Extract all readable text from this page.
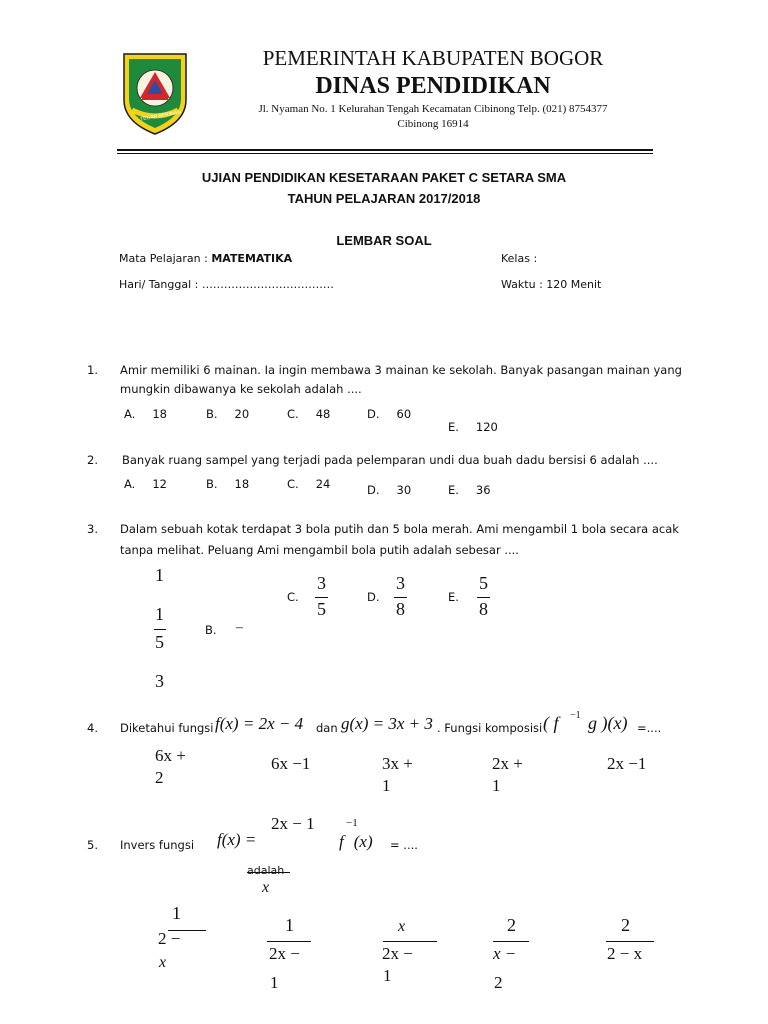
TEGAR BERIMAN
PEMERINTAH KABUPATEN BOGOR
DINAS PENDIDIKAN
Jl. Nyaman No. 1 Kelurahan Tengah Kecamatan Cibinong Telp. (021) 8754377
Cibinong 16914
UJIAN PENDIDIKAN KESETARAAN PAKET C SETARA SMA
TAHUN PELAJARAN 2017/2018
LEMBAR SOAL
Mata Pelajaran : MATEMATIKA	Kelas :
Hari/ Tanggal : ………………………………	Waktu : 120 Menit
1. Amir memiliki 6 mainan. Ia ingin membawa 3 mainan ke sekolah. Banyak pasangan mainan yang
mungkin dibawanya ke sekolah adalah ....
A. 18	B. 20	C. 48	D. 60
E. 120
2. Banyak ruang sampel yang terjadi pada pelemparan undi dua buah dadu bersisi 6 adalah ....
A. 12	B. 18	C. 24	D. 30	E. 36
3. Dalam sebuah kotak terdapat 3 bola putih dan 5 bola merah. Ami mengambil 1 bola secara acak
tanpa melihat. Peluang Ami mengambil bola putih adalah sebesar ....
1
1
5
3
B. –
C.
3
5
D.
3
8
E.
5
8
4. Diketahui fungsi f(x) = 2x − 4 dan g(x) = 3x + 3 . Fungsi komposisi ( f −1 g )(x) =....
6x +
2
6x −1	3x +
1
2x +
1
2x −1
5. Invers fungsi f(x) =
2x − 1
adalah
x
−1
f (x) = ....
1
2 −
x
1
2x −
1
x
2x −
1
2
x −
2
2
2 − x
